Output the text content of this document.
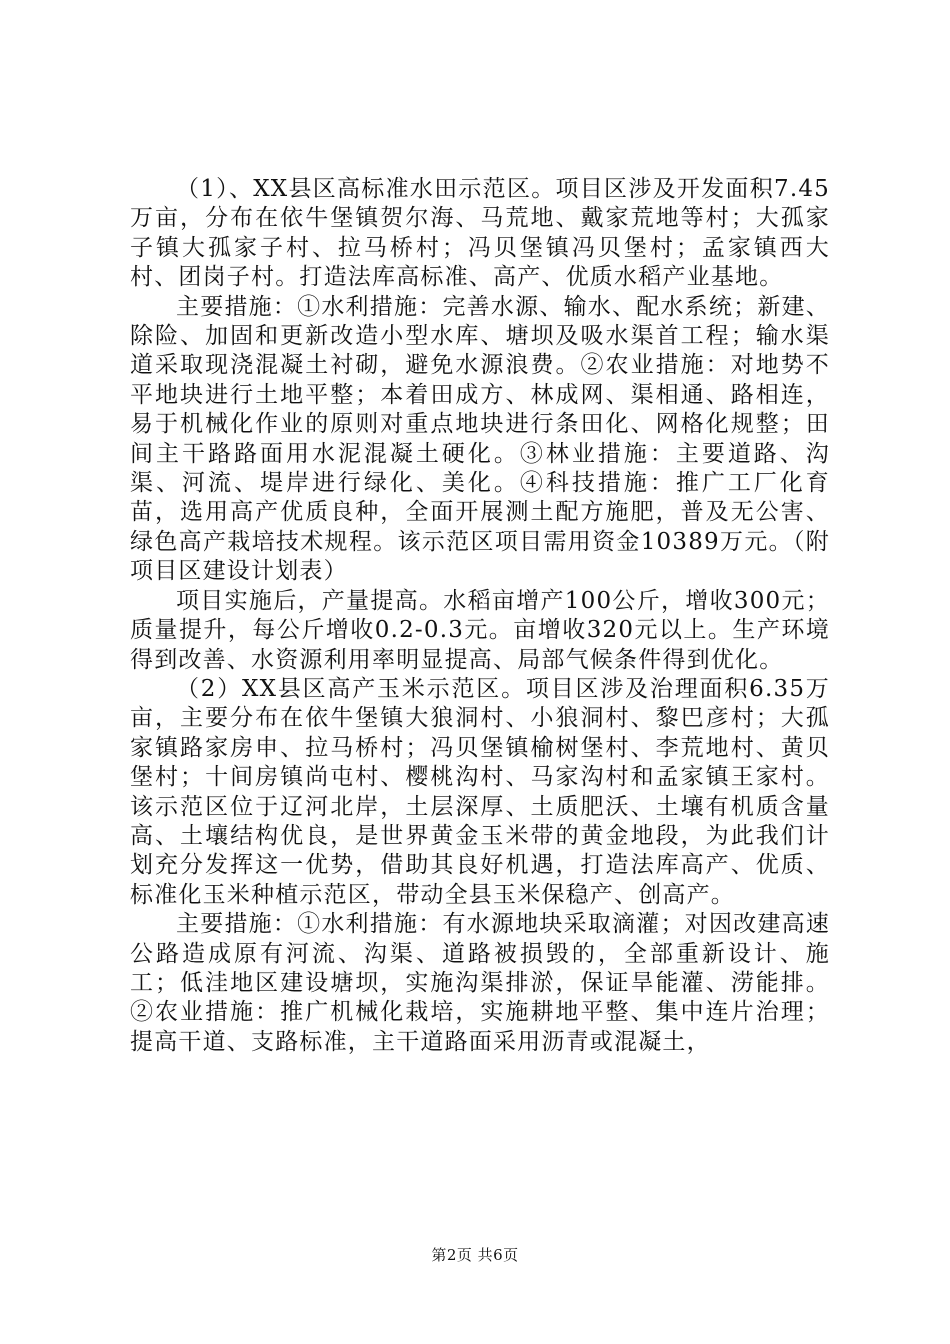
（1）、XX县区高标准水田示范区。项目区涉及开发面积7.45万亩，分布在依牛堡镇贺尔海、马荒地、戴家荒地等村；大孤家子镇大孤家子村、拉马桥村；冯贝堡镇冯贝堡村；孟家镇西大村、团岗子村。打造法库高标准、高产、优质水稻产业基地。

主要措施：①水利措施：完善水源、输水、配水系统；新建、除险、加固和更新改造小型水库、塘坝及吸水渠首工程；输水渠道采取现浇混凝土衬砌，避免水源浪费。②农业措施：对地势不平地块进行土地平整；本着田成方、林成网、渠相通、路相连，易于机械化作业的原则对重点地块进行条田化、网格化规整；田间主干路路面用水泥混凝土硬化。③林业措施：主要道路、沟渠、河流、堤岸进行绿化、美化。④科技措施：推广工厂化育苗，选用高产优质良种，全面开展测土配方施肥，普及无公害、绿色高产栽培技术规程。该示范区项目需用资金10389万元。（附项目区建设计划表）

项目实施后，产量提高。水稻亩增产100公斤，增收300元；质量提升，每公斤增收0.2-0.3元。亩增收320元以上。生产环境得到改善、水资源利用率明显提高、局部气候条件得到优化。

（2）XX县区高产玉米示范区。项目区涉及治理面积6.35万亩，主要分布在依牛堡镇大狼洞村、小狼洞村、黎巴彦村；大孤家镇路家房申、拉马桥村；冯贝堡镇榆树堡村、李荒地村、黄贝堡村；十间房镇尚屯村、樱桃沟村、马家沟村和孟家镇王家村。该示范区位于辽河北岸，土层深厚、土质肥沃、土壤有机质含量高、土壤结构优良，是世界黄金玉米带的黄金地段，为此我们计划充分发挥这一优势，借助其良好机遇，打造法库高产、优质、标准化玉米种植示范区，带动全县玉米保稳产、创高产。

主要措施：①水利措施：有水源地块采取滴灌；对因改建高速公路造成原有河流、沟渠、道路被损毁的，全部重新设计、施工；低洼地区建设塘坝，实施沟渠排淤，保证旱能灌、涝能排。②农业措施：推广机械化栽培，实施耕地平整、集中连片治理；提高干道、支路标准，主干道路面采用沥青或混凝土，

第2页 共6页
